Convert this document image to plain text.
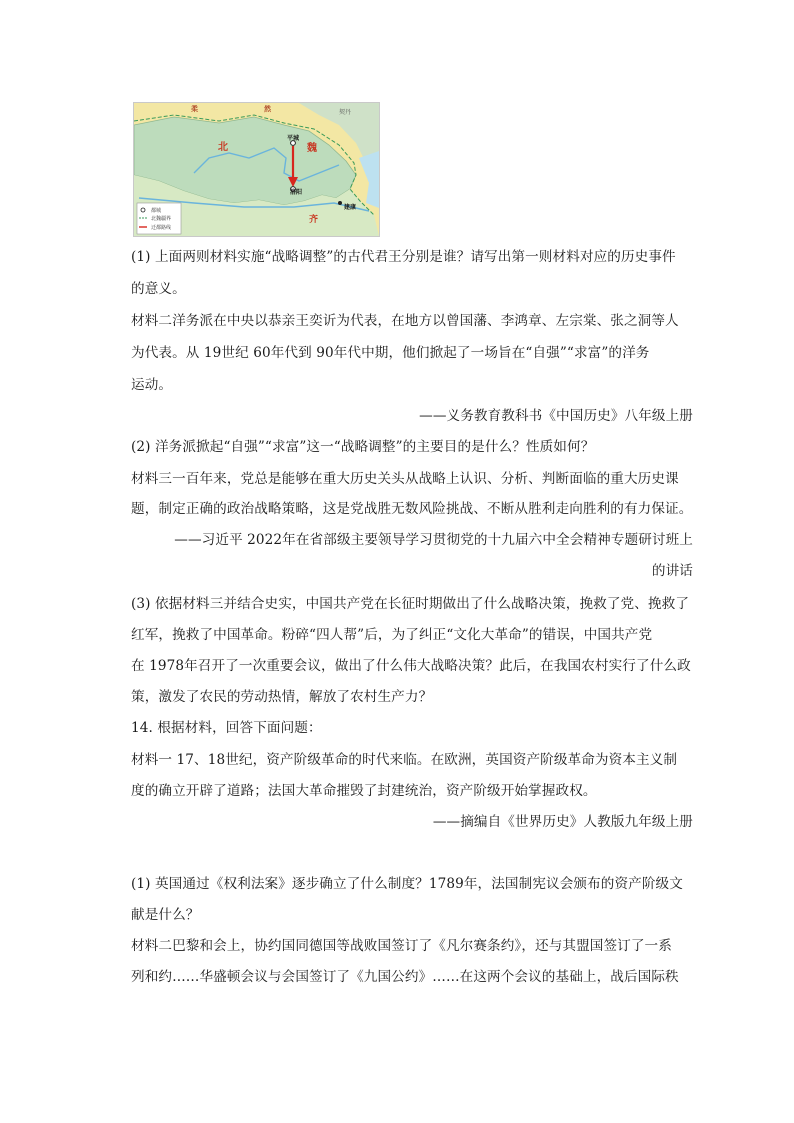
都城
北魏疆界
迁都路线
柔	然	契丹
北	魏
平城
洛阳
齐
建康
(1) 上面两则材料实施“战略调整”的古代君王分别是谁？请写出第一则材料对应的历史事件
的意义。
材料二洋务派在中央以恭亲王奕䜣为代表，在地方以曾国藩、李鸿章、左宗棠、张之洞等人
为代表。从 19世纪 60年代到 90年代中期，他们掀起了一场旨在“自强”“求富”的洋务
运动。
——义务教育教科书《中国历史》八年级上册
(2) 洋务派掀起“自强”“求富”这一“战略调整”的主要目的是什么？性质如何？
材料三一百年来，党总是能够在重大历史关头从战略上认识、分析、判断面临的重大历史课
题，制定正确的政治战略策略，这是党战胜无数风险挑战、不断从胜利走向胜利的有力保证。
——习近平 2022年在省部级主要领导学习贯彻党的十九届六中全会精神专题研讨班上
的讲话
(3) 依据材料三并结合史实，中国共产党在长征时期做出了什么战略决策，挽救了党、挽救了
红军，挽救了中国革命。粉碎“四人帮”后，为了纠正“文化大革命”的错误，中国共产党
在 1978年召开了一次重要会议，做出了什么伟大战略决策？此后，在我国农村实行了什么政
策，激发了农民的劳动热情，解放了农村生产力？
14. 根据材料，回答下面问题：
材料一 17、18世纪，资产阶级革命的时代来临。在欧洲，英国资产阶级革命为资本主义制
度的确立开辟了道路；法国大革命摧毁了封建统治，资产阶级开始掌握政权。
——摘编自《世界历史》人教版九年级上册
(1) 英国通过《权利法案》逐步确立了什么制度？1789年，法国制宪议会颁布的资产阶级文
献是什么？
材料二巴黎和会上，协约国同德国等战败国签订了《凡尔赛条约》，还与其盟国签订了一系
列和约……华盛顿会议与会国签订了《九国公约》……在这两个会议的基础上，战后国际秩
